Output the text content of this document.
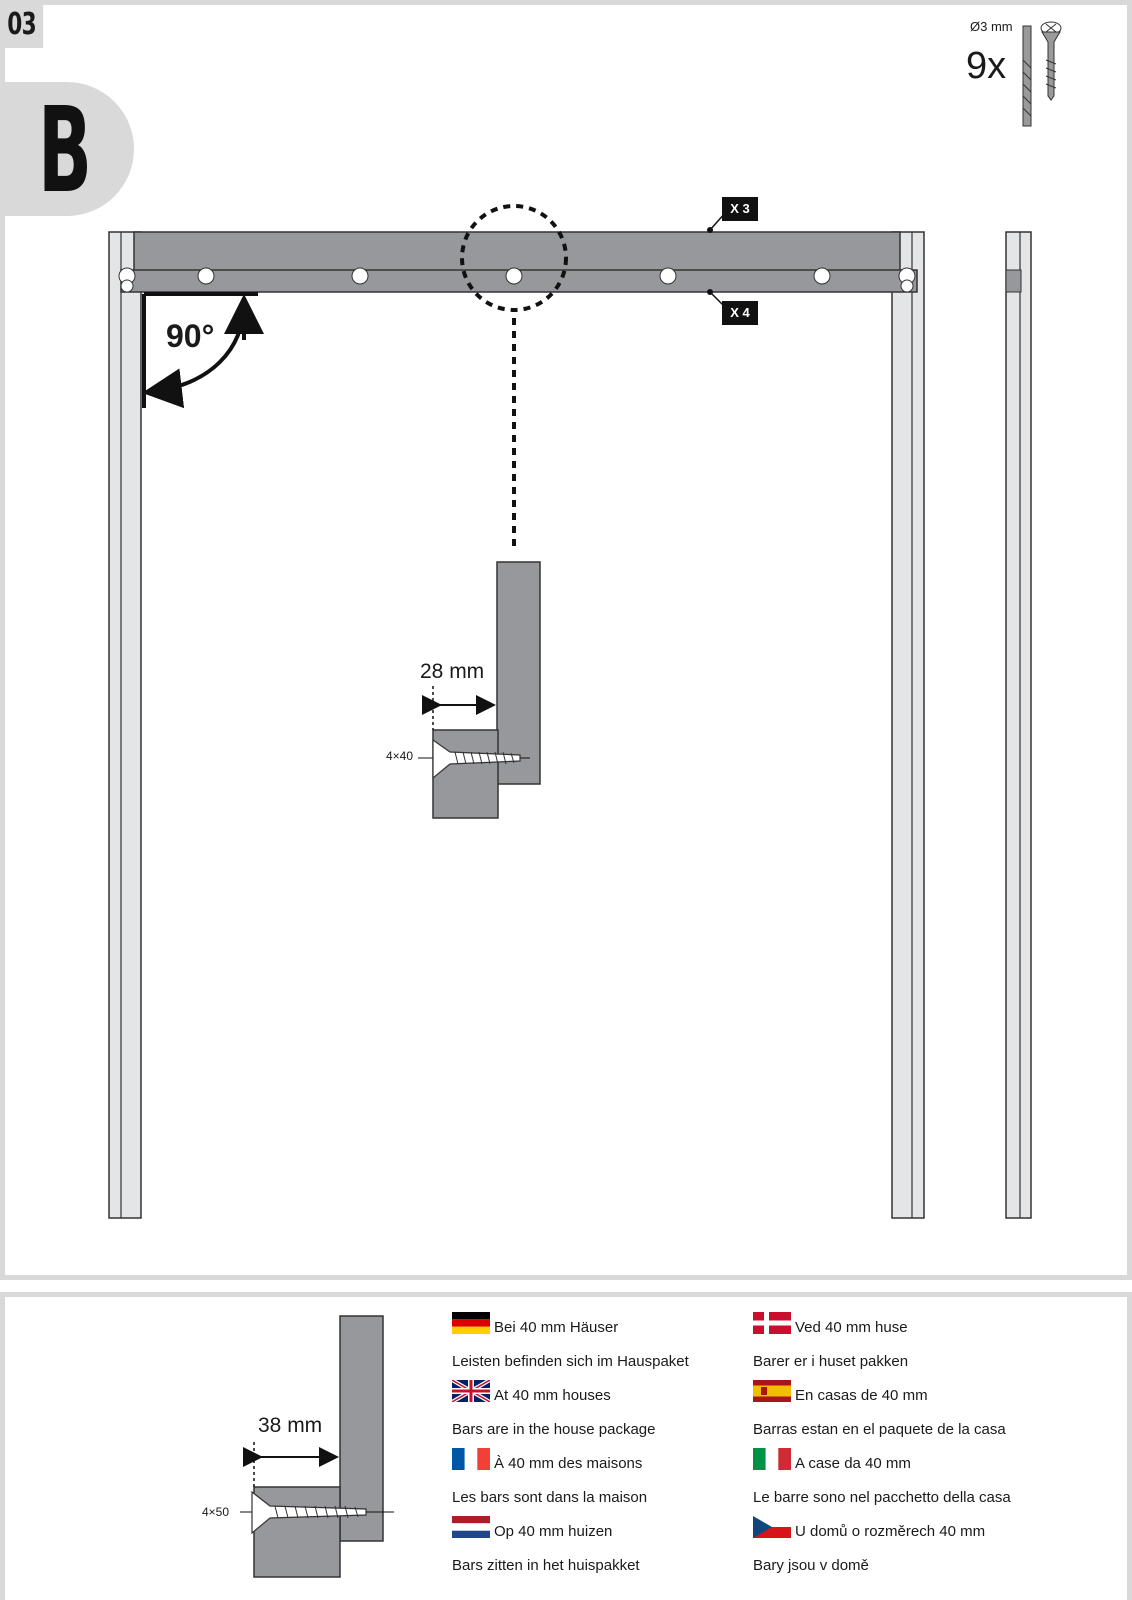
03
B
Ø3 mm
9x
X 3
X 4
90°
28 mm
4×40
38 mm
4×50
Bei 40 mm Häuser
Leisten befinden sich im Hauspaket
At 40 mm houses
Bars are in the house package
À 40 mm des maisons
Les bars sont dans la maison
Op 40 mm huizen
Bars zitten in het huispakket
Ved 40 mm huse
Barer er i huset pakken
En casas de 40 mm
Barras estan en el paquete de la casa
A case da 40 mm
Le barre sono nel pacchetto della casa
U domů o rozměrech 40 mm
Bary jsou v domě
